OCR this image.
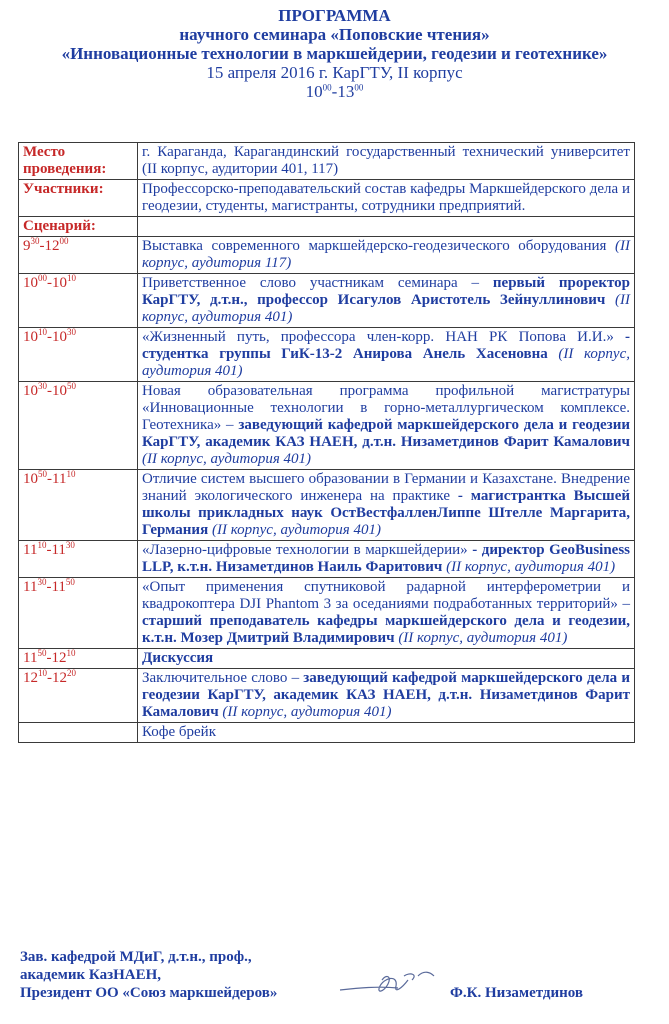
ПРОГРАММА
научного семинара «Поповские чтения»
«Инновационные технологии в маркшейдерии, геодезии и геотехнике»
15 апреля 2016 г. КарГТУ, II корпус
$10^{00}-13^{00}$
Место
проведения:	г. Караганда, Карагандинский государственный технический университет (II корпус, аудитории 401, 117)
Участники:	Профессорско-преподавательский состав кафедры Маркшейдерского дела и геодезии, студенты, магистранты, сотрудники предприятий.
Сценарий:	
$9^{30}-12^{00}$	Выставка современного маркшейдерско-геодезического оборудования (II корпус, аудитория 117)
$10^{00}-10^{10}$	Приветственное слово участникам семинара – первый проректор КарГТУ, д.т.н., профессор Исагулов Аристотель Зейнуллинович (II корпус, аудитория 401)
$10^{10}-10^{30}$	«Жизненный путь, профессора член-корр. НАН РК Попова И.И.» - студентка группы ГиК-13-2 Анирова Анель Хасеновна (II корпус, аудитория 401)
$10^{30}-10^{50}$	Новая образовательная программа профильной магистратуры «Инновационные технологии в горно-металлургическом комплексе. Геотехника» – заведующий кафедрой маркшейдерского дела и геодезии КарГТУ, академик КАЗ НАЕН, д.т.н. Низаметдинов Фарит Камалович (II корпус, аудитория 401)
$10^{50}-11^{10}$	Отличие систем высшего образовании в Германии и Казахстане. Внедрение знаний экологического инженера на практике - магистрантка Высшей школы прикладных наук ОстВестфалленЛиппе Штелле Маргарита, Германия (II корпус, аудитория 401)
$11^{10}-11^{30}$	«Лазерно-цифровые технологии в маркшейдерии» - директор GeoBusiness LLP, к.т.н. Низаметдинов Наиль Фаритович (II корпус, аудитория 401)
$11^{30}-11^{50}$	«Опыт применения спутниковой радарной интерферометрии и квадрокоптера DJI Phantom 3 за оседаниями подработанных территорий» – старший преподаватель кафедры маркшейдерского дела и геодезии, к.т.н. Мозер Дмитрий Владимирович (II корпус, аудитория 401)
$11^{50}-12^{10}$	Дискуссия
$12^{10}-12^{20}$	Заключительное слово – заведующий кафедрой маркшейдерского дела и геодезии КарГТУ, академик КАЗ НАЕН, д.т.н. Низаметдинов Фарит Камалович (II корпус, аудитория 401)
	Кофе брейк
Зав. кафедрой МДиГ, д.т.н., проф.,
академик КазНАЕН,
Президент ОО «Союз маркшейдеров»	Ф.К. Низаметдинов
